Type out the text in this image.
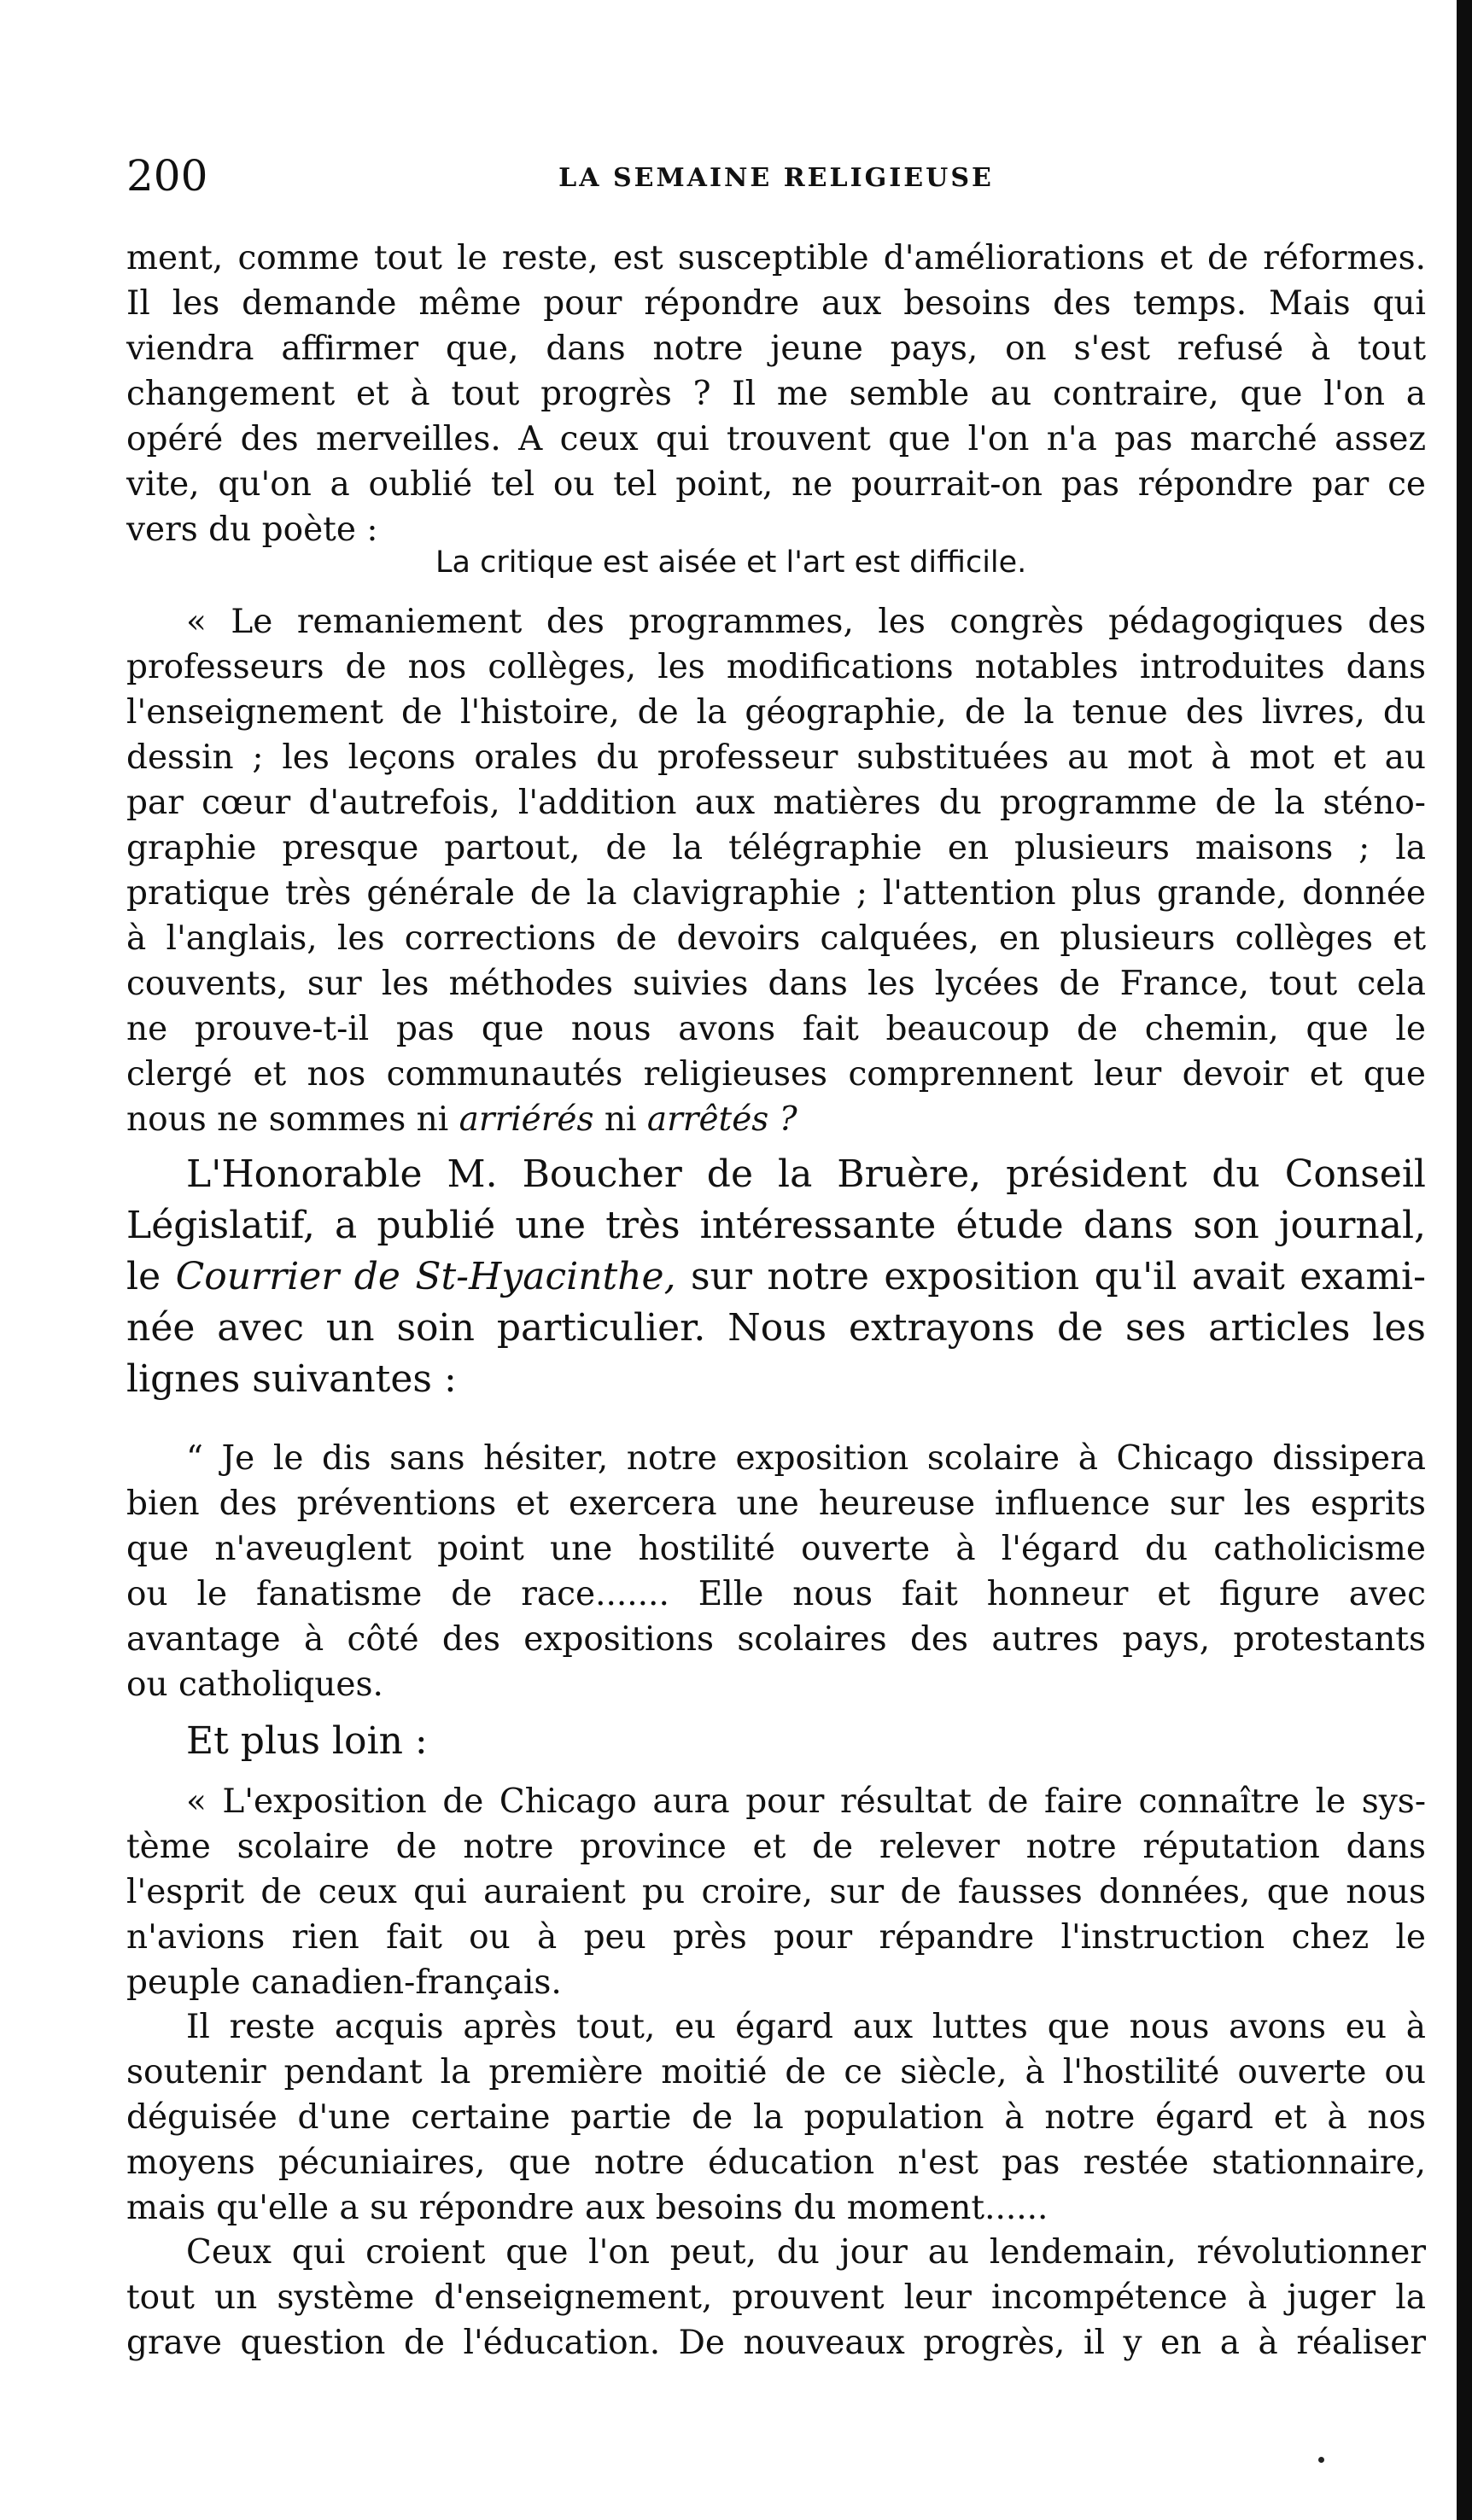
200	LA SEMAINE RELIGIEUSE
ment, comme tout le reste, est susceptible d'améliorations et de réformes.
Il les demande même pour répondre aux besoins des temps. Mais qui
viendra affirmer que, dans notre jeune pays, on s'est refusé à tout
changement et à tout progrès ? Il me semble au contraire, que l'on a
opéré des merveilles. A ceux qui trouvent que l'on n'a pas marché assez
vite, qu'on a oublié tel ou tel point, ne pourrait-on pas répondre par ce
vers du poète :
La critique est aisée et l'art est difficile.
« Le remaniement des programmes, les congrès pédagogiques des
professeurs de nos collèges, les modifications notables introduites dans
l'enseignement de l'histoire, de la géographie, de la tenue des livres, du
dessin ; les leçons orales du professeur substituées au mot à mot et au
par cœur d'autrefois, l'addition aux matières du programme de la sténo-
graphie presque partout, de la télégraphie en plusieurs maisons ; la
pratique très générale de la clavigraphie ; l'attention plus grande, donnée
à l'anglais, les corrections de devoirs calquées, en plusieurs collèges et
couvents, sur les méthodes suivies dans les lycées de France, tout cela
ne prouve-t-il pas que nous avons fait beaucoup de chemin, que le
clergé et nos communautés religieuses comprennent leur devoir et que
nous ne sommes ni arriérés ni arrêtés ?
L'Honorable M. Boucher de la Bruère, président du Conseil
Législatif, a publié une très intéressante étude dans son journal,
le Courrier de St-Hyacinthe, sur notre exposition qu'il avait exami-
née avec un soin particulier. Nous extrayons de ses articles les
lignes suivantes :
“ Je le dis sans hésiter, notre exposition scolaire à Chicago dissipera
bien des préventions et exercera une heureuse influence sur les esprits
que n'aveuglent point une hostilité ouverte à l'égard du catholicisme
ou le fanatisme de race....... Elle nous fait honneur et figure avec
avantage à côté des expositions scolaires des autres pays, protestants
ou catholiques.
Et plus loin :
« L'exposition de Chicago aura pour résultat de faire connaître le sys-
tème scolaire de notre province et de relever notre réputation dans
l'esprit de ceux qui auraient pu croire, sur de fausses données, que nous
n'avions rien fait ou à peu près pour répandre l'instruction chez le
peuple canadien-français.
Il reste acquis après tout, eu égard aux luttes que nous avons eu à
soutenir pendant la première moitié de ce siècle, à l'hostilité ouverte ou
déguisée d'une certaine partie de la population à notre égard et à nos
moyens pécuniaires, que notre éducation n'est pas restée stationnaire,
mais qu'elle a su répondre aux besoins du moment......
Ceux qui croient que l'on peut, du jour au lendemain, révolutionner
tout un système d'enseignement, prouvent leur incompétence à juger la
grave question de l'éducation. De nouveaux progrès, il y en a à réaliser
